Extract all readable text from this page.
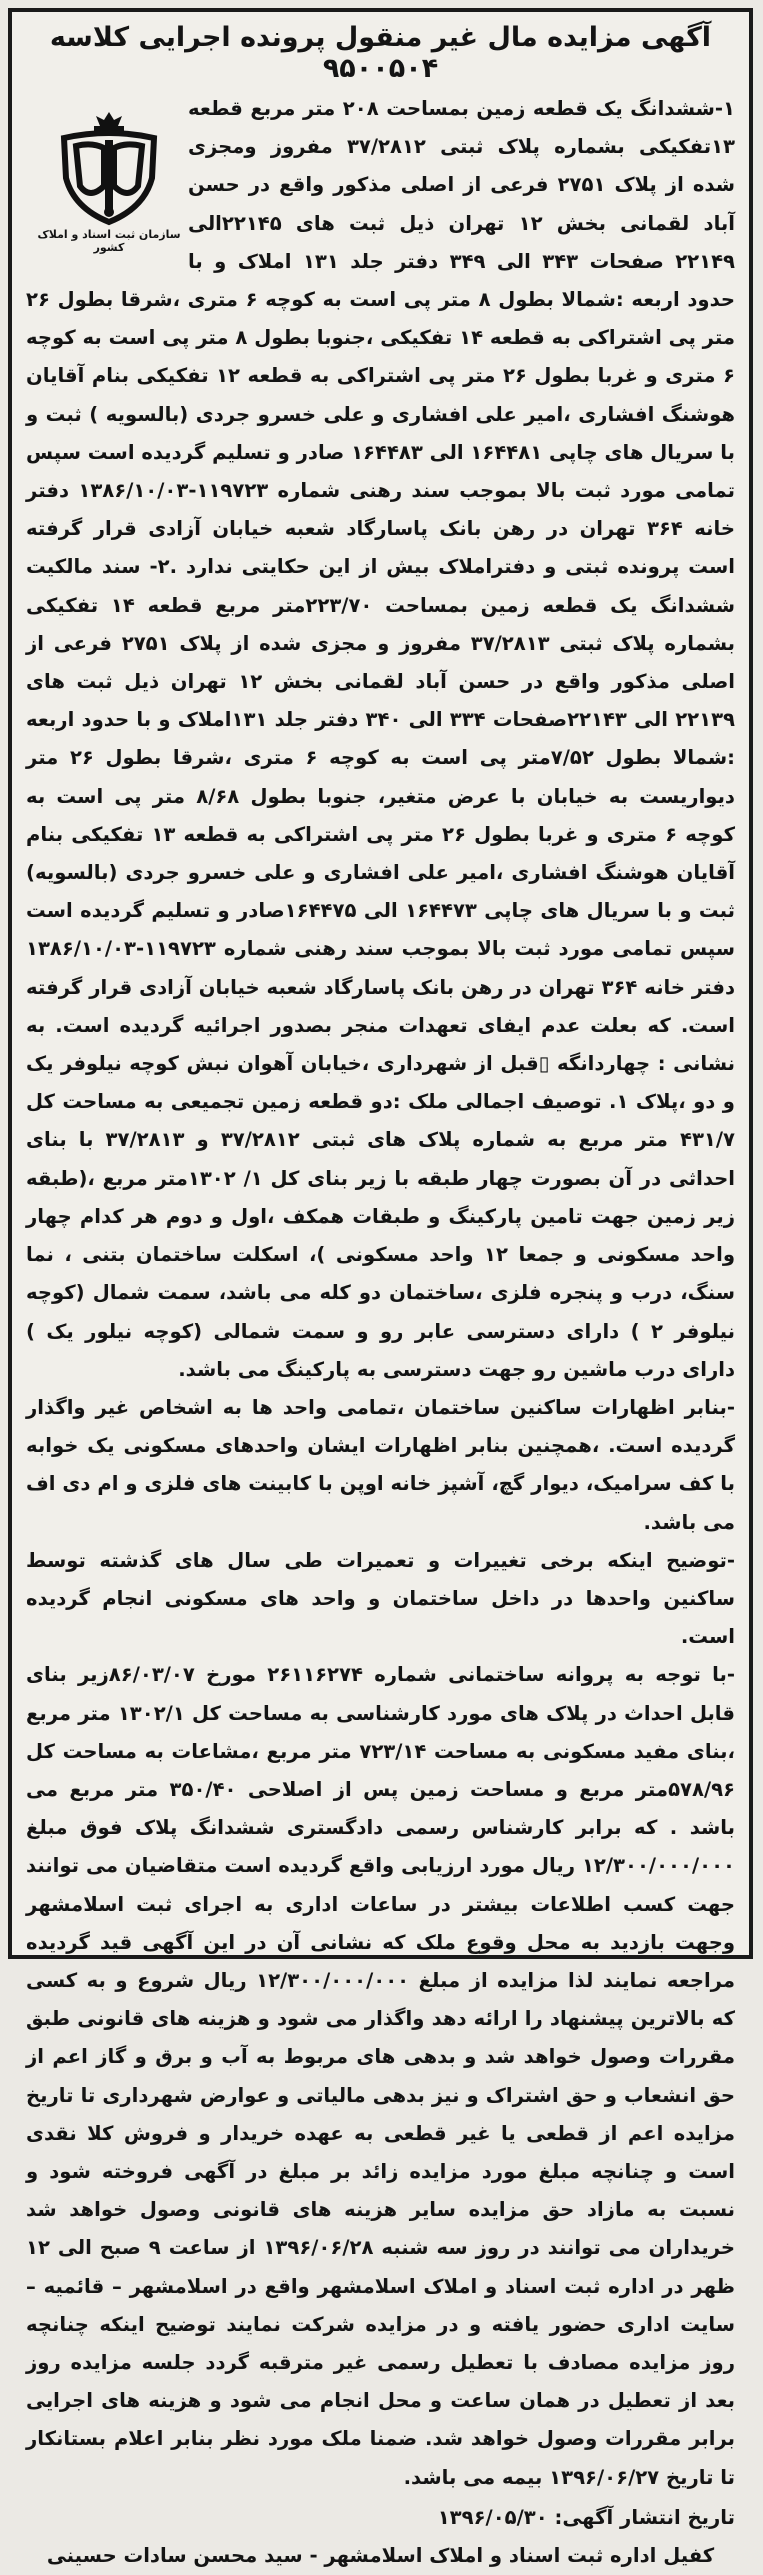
آگهی مزایده مال غیر منقول پرونده اجرایی کلاسه ۹۵۰۰۵۰۴
سازمان ثبت اسناد و املاک کشور

۱-ششدانگ یک قطعه زمین بمساحت ۲۰۸ متر مربع قطعه ۱۳تفکیکی بشماره پلاک ثبتی ۳۷/۲۸۱۲ مفروز ومجزی شده از پلاک ۲۷۵۱ فرعی از اصلی مذکور واقع در حسن آباد لقمانی بخش ۱۲ تهران ذیل ثبت های ۲۲۱۴۵الی ۲۲۱۴۹ صفحات ۳۴۳ الی ۳۴۹ دفتر جلد ۱۳۱ املاک و با حدود اربعه :شمالا بطول ۸ متر پی است به کوچه ۶ متری ،شرقا بطول ۲۶ متر پی اشتراکی به قطعه ۱۴ تفکیکی ،جنوبا بطول ۸ متر پی است به کوچه ۶ متری و غربا بطول ۲۶ متر پی اشتراکی به قطعه ۱۲ تفکیکی بنام آقایان هوشنگ افشاری ،امیر علی افشاری و علی خسرو جردی (بالسویه ) ثبت و با سریال های چاپی ۱۶۴۴۸۱ الی ۱۶۴۴۸۳ صادر و تسلیم گردیده است سپس تمامی مورد ثبت بالا بموجب سند رهنی شماره ۱۱۹۷۲۳-۱۳۸۶/۱۰/۰۳ دفتر خانه ۳۶۴ تهران در رهن بانک پاسارگاد شعبه خیابان آزادی قرار گرفته است پرونده ثبتی و دفتراملاک بیش از این حکایتی ندارد .۲- سند مالکیت ششدانگ یک قطعه زمین بمساحت ۲۲۳/۷۰متر مربع قطعه ۱۴ تفکیکی بشماره پلاک ثبتی ۳۷/۲۸۱۳ مفروز و مجزی شده از پلاک ۲۷۵۱ فرعی از اصلی مذکور واقع در حسن آباد لقمانی بخش ۱۲ تهران ذیل ثبت های ۲۲۱۳۹ الی ۲۲۱۴۳صفحات ۳۳۴ الی ۳۴۰ دفتر جلد ۱۳۱املاک و با حدود اربعه :شمالا بطول ۷/۵۲متر پی است به کوچه ۶ متری ،شرقا بطول ۲۶ متر دیواریست به خیابان با عرض متغیر، جنوبا بطول ۸/۶۸ متر پی است به کوچه ۶ متری و غربا بطول ۲۶ متر پی اشتراکی به قطعه ۱۳ تفکیکی بنام آقایان هوشنگ افشاری ،امیر علی افشاری و علی خسرو جردی (بالسویه) ثبت و با سریال های چاپی ۱۶۴۴۷۳ الی ۱۶۴۴۷۵صادر و تسلیم گردیده است سپس تمامی مورد ثبت بالا بموجب سند رهنی شماره ۱۱۹۷۲۳-۱۳۸۶/۱۰/۰۳ دفتر خانه ۳۶۴ تهران در رهن بانک پاسارگاد شعبه خیابان آزادی قرار گرفته است. که بعلت عدم ایفای تعهدات منجر بصدور اجرائیه گردیده است. به نشانی : چهاردانگه ▯قبل از شهرداری ،خیابان آهوان نبش کوچه نیلوفر یک و دو ،پلاک ۱. توصیف اجمالی ملک :دو قطعه زمین تجمیعی به مساحت کل ۴۳۱/۷ متر مربع به شماره پلاک های ثبتی ۳۷/۲۸۱۲ و ۳۷/۲۸۱۳ با بنای احداثی در آن بصورت چهار طبقه با زیر بنای کل ۱/ ۱۳۰۲متر مربع ،(طبقه زیر زمین جهت تامین پارکینگ و طبقات همکف ،اول و دوم هر کدام چهار واحد مسکونی و جمعا ۱۲ واحد مسکونی )، اسکلت ساختمان بتنی ، نما سنگ، درب و پنجره فلزی ،ساختمان دو کله می باشد، سمت شمال (کوچه نیلوفر ۲ ) دارای دسترسی عابر رو و سمت شمالی (کوچه نیلور یک ) دارای درب ماشین رو جهت دسترسی به پارکینگ می باشد.

-بنابر اظهارات ساکنین ساختمان ،تمامی واحد ها به اشخاص غیر واگذار گردیده است. ،همچنین بنابر اظهارات ایشان واحدهای مسکونی یک خوابه با کف سرامیک، دیوار گچ، آشپز خانه اوپن با کابینت های فلزی و ام دی اف می باشد.

-توضیح اینکه برخی تغییرات و تعمیرات طی سال های گذشته توسط ساکنین واحدها در داخل ساختمان و واحد های مسکونی انجام گردیده است.

-با توجه به پروانه ساختمانی شماره ۲۶۱۱۶۲۷۴ مورخ ۸۶/۰۳/۰۷زیر بنای قابل احداث در پلاک های مورد کارشناسی به مساحت کل ۱۳۰۲/۱ متر مربع ،بنای مفید مسکونی به مساحت ۷۲۳/۱۴ متر مربع ،مشاعات به مساحت کل ۵۷۸/۹۶متر مربع و مساحت زمین پس از اصلاحی ۳۵۰/۴۰ متر مربع می باشد . که برابر کارشناس رسمی دادگستری ششدانگ پلاک فوق مبلغ ۱۲/۳۰۰/۰۰۰/۰۰۰ ریال مورد ارزیابی واقع گردیده است متقاضیان می توانند جهت کسب اطلاعات بیشتر در ساعات اداری به اجرای ثبت اسلامشهر وجهت بازدید به محل وقوع ملک که نشانی آن در این آگهی قید گردیده مراجعه نمایند لذا مزایده از مبلغ ۱۲/۳۰۰/۰۰۰/۰۰۰ ریال شروع و به کسی که بالاترین پیشنهاد را ارائه دهد واگذار می شود و هزینه های قانونی طبق مقررات وصول خواهد شد و بدهی های مربوط به آب و برق و گاز اعم از حق انشعاب و حق اشتراک و نیز بدهی مالیاتی و عوارض شهرداری تا تاریخ مزایده اعم از قطعی یا غیر قطعی به عهده خریدار و فروش کلا نقدی است و چنانچه مبلغ مورد مزایده زائد بر مبلغ در آگهی فروخته شود و نسبت به مازاد حق مزایده سایر هزینه های قانونی وصول خواهد شد خریداران می توانند در روز سه شنبه ۱۳۹۶/۰۶/۲۸ از ساعت ۹ صبح الی ۱۲ ظهر در اداره ثبت اسناد و املاک اسلامشهر واقع در اسلامشهر – قائمیه – سایت اداری حضور یافته و در مزایده شرکت نمایند توضیح اینکه چنانچه روز مزایده مصادف با تعطیل رسمی غیر مترقبه گردد جلسه مزایده روز بعد از تعطیل در همان ساعت و محل انجام می شود و هزینه های اجرایی برابر مقررات وصول خواهد شد. ضمنا ملک مورد نظر بنابر اعلام بستانکار تا تاریخ ۱۳۹۶/۰۶/۲۷ بیمه می باشد.

تاریخ انتشار آگهی: ۱۳۹۶/۰۵/۳۰
کفیل اداره ثبت اسناد و املاک اسلامشهر - سید محسن سادات حسینی
